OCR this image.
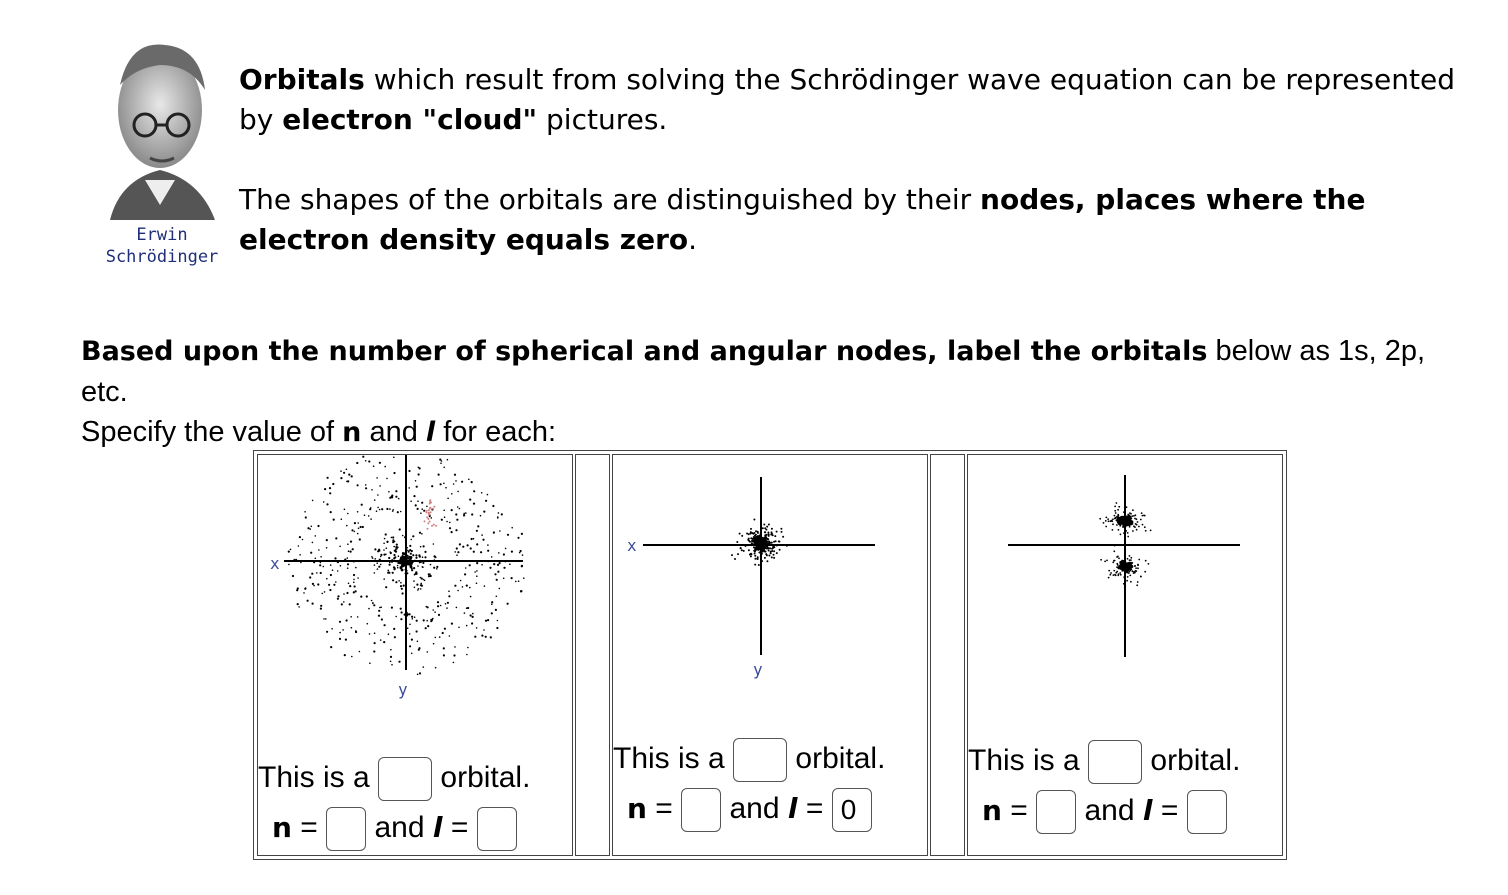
Erwin
Schrödinger

Orbitals which result from solving the Schrödinger wave equation can be represented by electron "cloud" pictures.

The shapes of the orbitals are distinguished by their nodes, places where the electron density equals zero.

Based upon the number of spherical and angular nodes, label the orbitals below as 1s, 2p, etc.
Specify the value of n and l for each:
x
y
This is a orbital.
n = and l =
x
y
This is a orbital.
n = and l = 0
This is a orbital.
n = and l =
